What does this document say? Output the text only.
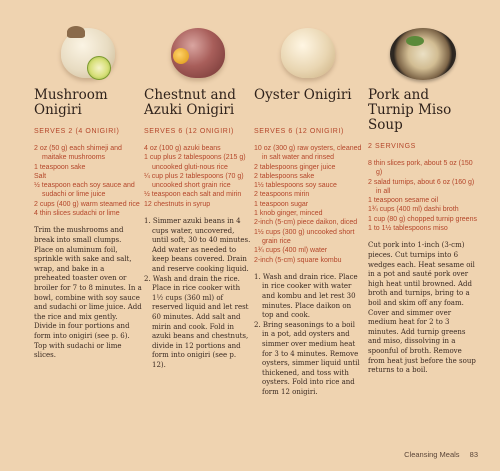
Mushroom Onigiri
SERVES 2 (4 ONIGIRI)
2 oz (50 g) each shimeji and maitake mushrooms
1 teaspoon sake
Salt
½ teaspoon each soy sauce and sudachi or lime juice
2 cups (400 g) warm steamed rice
4 thin slices sudachi or lime

Trim the mushrooms and break into small clumps. Place on aluminum foil, sprinkle with sake and salt, wrap, and bake in a preheated toaster oven or broiler for 7 to 8 minutes. In a bowl, combine with soy sauce and sudachi or lime juice. Add the rice and mix gently. Divide in four portions and form into onigiri (see p. 6). Top with sudachi or lime slices.

Chestnut and Azuki Onigiri
SERVES 6 (12 ONIGIRI)
4 oz (100 g) azuki beans
1 cup plus 2 tablespoons (215 g) uncooked gluti-nous rice
¼ cup plus 2 tablespoons (70 g) uncooked short grain rice
½ teaspoon each salt and mirin
12 chestnuts in syrup
1. Simmer azuki beans in 4 cups water, uncovered, until soft, 30 to 40 minutes. Add water as needed to keep beans covered. Drain and reserve cooking liquid.
2. Wash and drain the rice. Place in rice cooker with 1½ cups (360 ml) of reserved liquid and let rest 60 minutes. Add salt and mirin and cook. Fold in azuki beans and chestnuts, divide in 12 portions and form into onigiri (see p. 12).
Oyster Onigiri
SERVES 6 (12 ONIGIRI)
10 oz (300 g) raw oysters, cleaned in salt water and rinsed
2 tablespoons ginger juice
2 tablespoons sake
1½ tablespoons soy sauce
2 teaspoons mirin
1 teaspoon sugar
1 knob ginger, minced
2-inch (5-cm) piece daikon, diced
1½ cups (300 g) uncooked short grain rice
1¾ cups (400 ml) water
2-inch (5-cm) square kombu
1. Wash and drain rice. Place in rice cooker with water and kombu and let rest 30 minutes. Place daikon on top and cook.
2. Bring seasonings to a boil in a pot, add oysters and simmer over medium heat for 3 to 4 minutes. Remove oysters, simmer liquid until thickened, and toss with oysters. Fold into rice and form 12 onigiri.
Pork and Turnip Miso Soup
2 SERVINGS
8 thin slices pork, about 5 oz (150 g)
2 salad turnips, about 6 oz (160 g) in all
1 teaspoon sesame oil
1¾ cups (400 ml) dashi broth
1 cup (80 g) chopped turnip greens
1 to 1½ tablespoons miso

Cut pork into 1-inch (3-cm) pieces. Cut turnips into 6 wedges each. Heat sesame oil in a pot and sauté pork over high heat until browned. Add broth and turnips, bring to a boil and skim off any foam. Cover and simmer over medium heat for 2 to 3 minutes. Add turnip greens and miso, dissolving in a spoonful of broth. Remove from heat just before the soup returns to a boil.

Cleansing Meals 83
